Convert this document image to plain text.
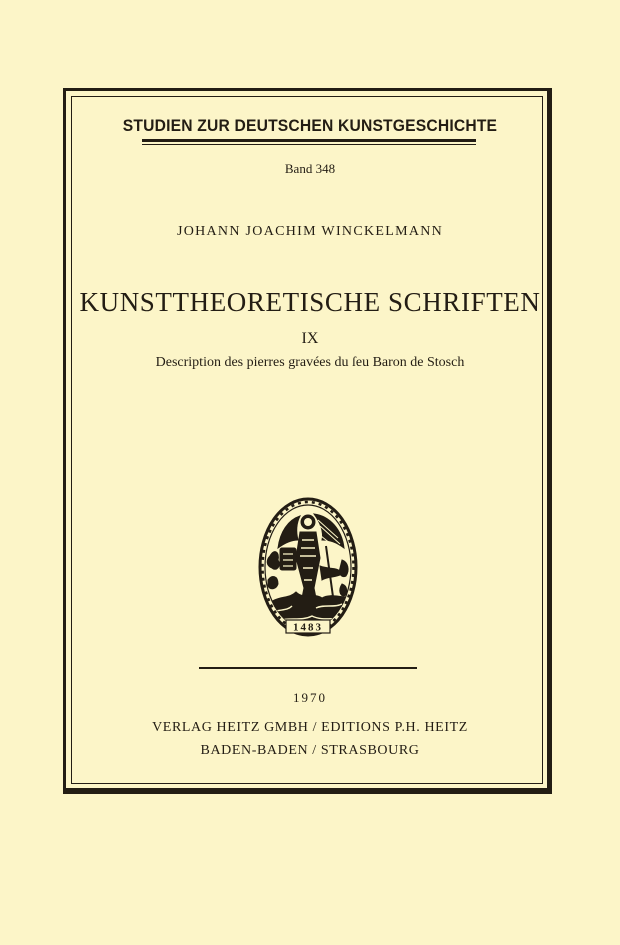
STUDIEN ZUR DEUTSCHEN KUNSTGESCHICHTE
Band 348
JOHANN JOACHIM WINCKELMANN
KUNSTTHEORETISCHE SCHRIFTEN
IX
Description des pierres gravées du ſeu Baron de Stosch
1483
1970
VERLAG HEITZ GMBH / EDITIONS P.H. HEITZ
BADEN-BADEN / STRASBOURG
